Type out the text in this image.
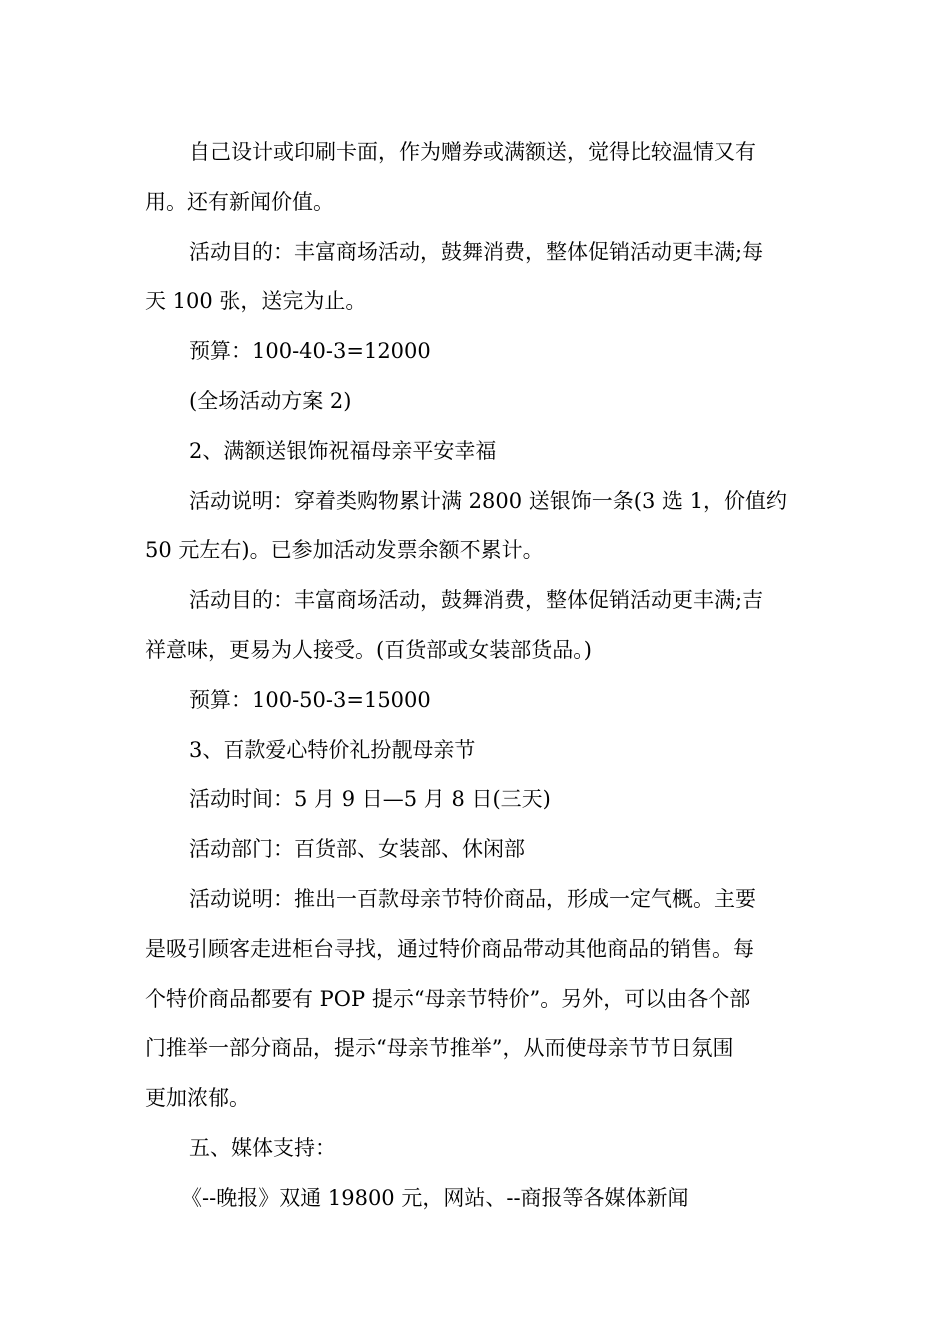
自己设计或印刷卡面，作为赠券或满额送，觉得比较温情又有

用。还有新闻价值。

活动目的：丰富商场活动，鼓舞消费，整体促销活动更丰满;每

天 100 张，送完为止。

预算：100-40-3=12000

(全场活动方案 2)

2、满额送银饰祝福母亲平安幸福

活动说明：穿着类购物累计满 2800 送银饰一条(3 选 1，价值约

50 元左右)。已参加活动发票余额不累计。

活动目的：丰富商场活动，鼓舞消费，整体促销活动更丰满;吉

祥意味，更易为人接受。(百货部或女装部货品。)

预算：100-50-3=15000

3、百款爱心特价礼扮靓母亲节

活动时间：5 月 9 日—5 月 8 日(三天)

活动部门：百货部、女装部、休闲部

活动说明：推出一百款母亲节特价商品，形成一定气概。主要

是吸引顾客走进柜台寻找，通过特价商品带动其他商品的销售。每

个特价商品都要有 POP 提示“母亲节特价”。另外，可以由各个部

门推举一部分商品，提示“母亲节推举”，从而使母亲节节日氛围

更加浓郁。

五、媒体支持：

《--晚报》双通 19800 元，网站、--商报等各媒体新闻
